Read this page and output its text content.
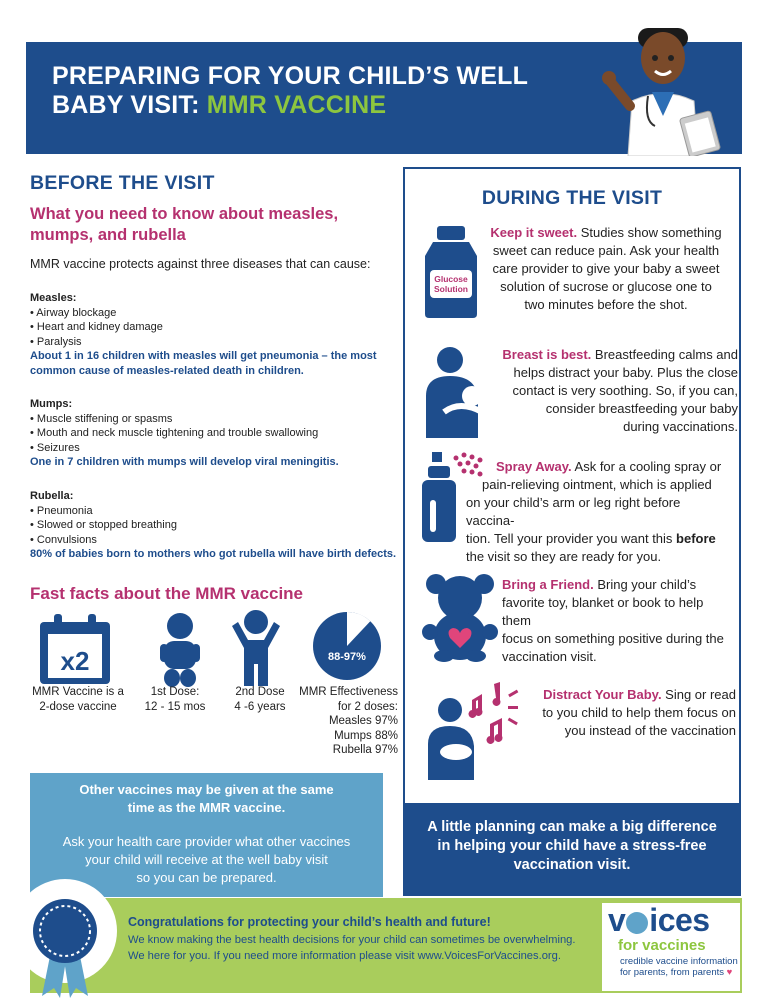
PREPARING FOR YOUR CHILD’S WELL
BABY VISIT: MMR VACCINE
BEFORE THE VISIT
What you need to know about measles,
mumps, and rubella
MMR vaccine protects against three diseases that can cause:
Measles:
• Airway blockage
• Heart and kidney damage
• Paralysis
About 1 in 16 children with measles will get pneumonia – the most
common cause of measles-related death in children.
Mumps:
• Muscle stiffening or spasms
• Mouth and neck muscle tightening and trouble swallowing
• Seizures
One in 7 children with mumps will develop viral meningitis.
Rubella:
• Pneumonia
• Slowed or stopped breathing
• Convulsions
80% of babies born to mothers who got rubella will have birth defects.
Fast facts about the MMR vaccine
x2	88-97%
MMR Vaccine is a
2-dose vaccine
1st Dose:
12 - 15 mos
2nd Dose
4 -6 years
MMR Effectiveness
for 2 doses:
Measles 97%
Mumps 88%
Rubella 97%
Other vaccines may be given at the same
time as the MMR vaccine.
Ask your health care provider what other vaccines
your child will receive at the well baby visit
so you can be prepared.
DURING THE VISIT
Glucose
Solution
Keep it sweet. Studies show something
sweet can reduce pain. Ask your health
care provider to give your baby a sweet
solution of sucrose or glucose one to
two minutes before the shot.
Breast is best. Breastfeeding calms and
helps distract your baby. Plus the close
contact is very soothing. So, if you can,
consider breastfeeding your baby
during vaccinations.
Spray Away. Ask for a cooling spray or
pain-relieving ointment, which is applied
on your child’s arm or leg right before vaccina-
tion. Tell your provider you want this before
the visit so they are ready for you.
Bring a Friend. Bring your child’s
favorite toy, blanket or book to help them
focus on something positive during the
vaccination visit.
Distract Your Baby. Sing or read
to you child to help them focus on
you instead of the vaccination
A little planning can make a big difference
in helping your child have a stress-free
vaccination visit.
Congratulations for protecting your child’s health and future!
We know making the best health decisions for your child can sometimes be overwhelming.
We here for you. If you need more information please visit www.VoicesForVaccines.org.
v ices
for vaccines
credible vaccine information
for parents, from parents ♥
